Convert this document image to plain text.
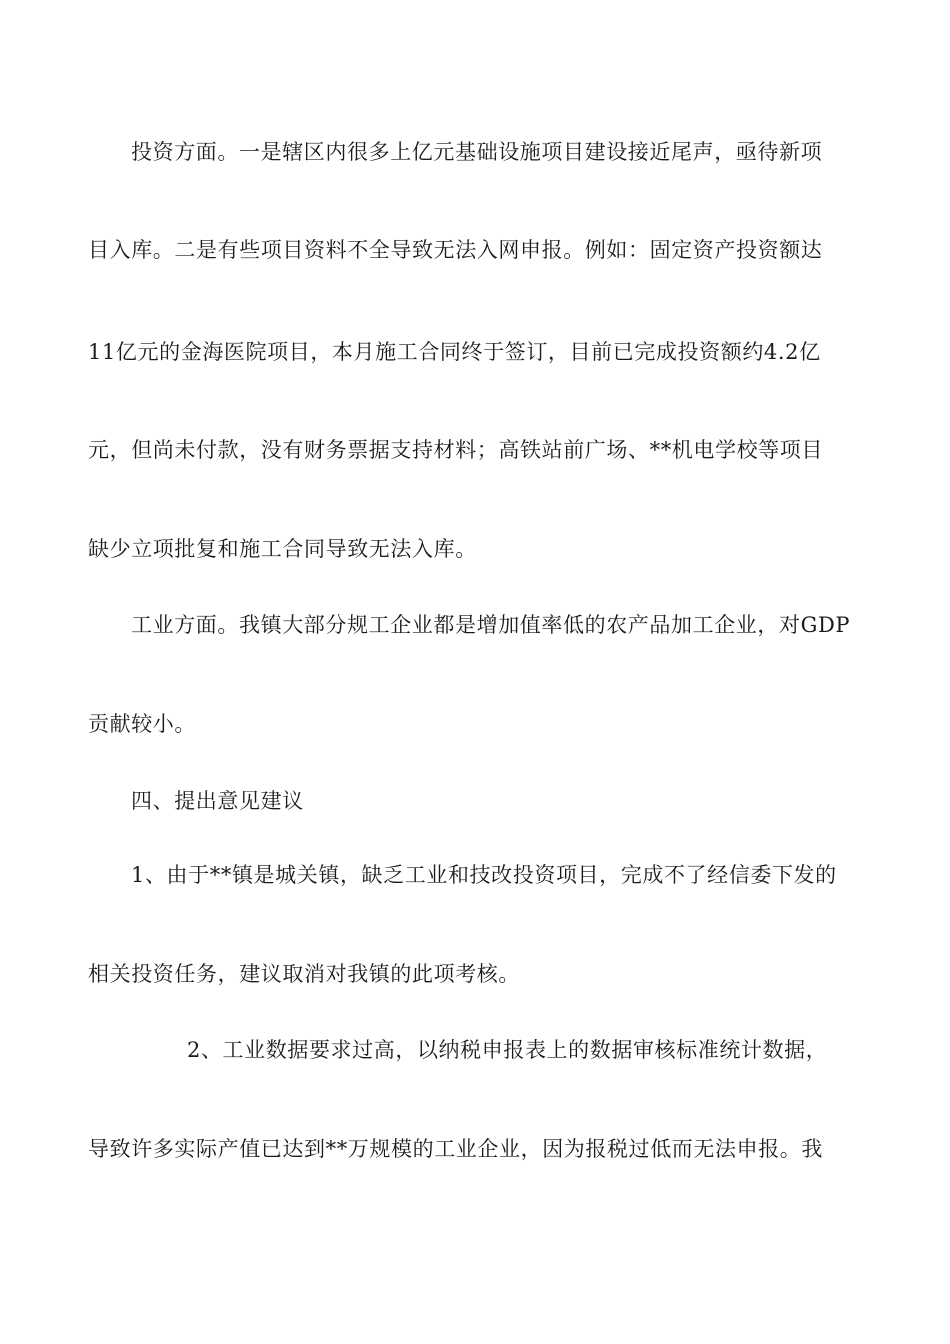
投资方面。一是辖区内很多上亿元基础设施项目建设接近尾声，亟待新项
目入库。二是有些项目资料不全导致无法入网申报。例如：固定资产投资额达
11亿元的金海医院项目，本月施工合同终于签订，目前已完成投资额约4.2亿
元，但尚未付款，没有财务票据支持材料；高铁站前广场、**机电学校等项目
缺少立项批复和施工合同导致无法入库。
工业方面。我镇大部分规工企业都是增加值率低的农产品加工企业，对GDP
贡献较小。
四、提出意见建议
1、由于**镇是城关镇，缺乏工业和技改投资项目，完成不了经信委下发的
相关投资任务，建议取消对我镇的此项考核。
2、工业数据要求过高，以纳税申报表上的数据审核标准统计数据，
导致许多实际产值已达到**万规模的工业企业，因为报税过低而无法申报。我
